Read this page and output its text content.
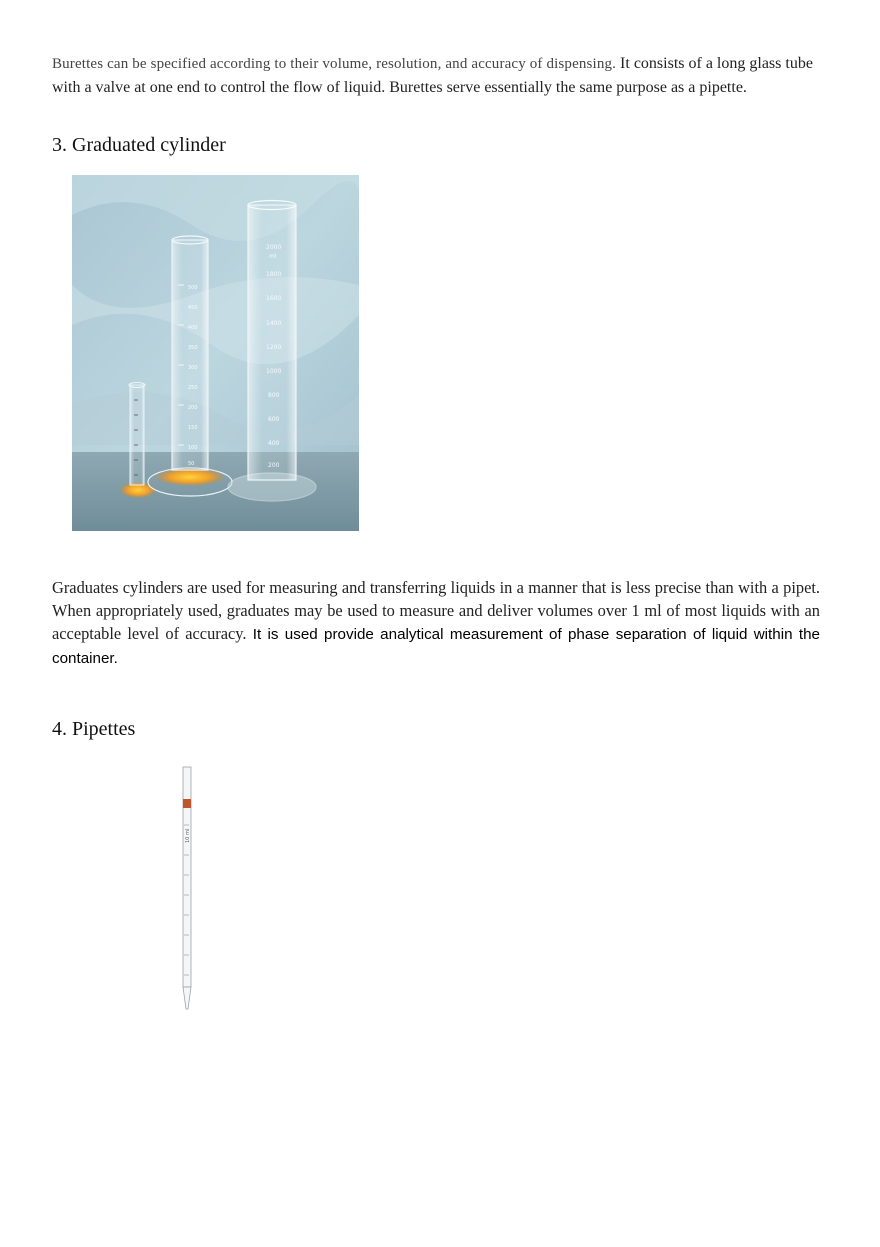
Burettes can be specified according to their volume, resolution, and accuracy of dispensing. It consists of a long glass tube with a valve at one end to control the flow of liquid. Burettes serve essentially the same purpose as a pipette.

3. Graduated cylinder
500
450
400
350
300
250
200
150
100
50
2000
ml
1800
1600
1400
1200
1000
800
600
400
200

Graduates cylinders are used for measuring and transferring liquids in a manner that is less precise than with a pipet. When appropriately used, graduates may be used to measure and deliver volumes over 1 ml of most liquids with an acceptable level of accuracy. It is used provide analytical measurement of phase separation of liquid within the container.

4. Pipettes
10 ml
